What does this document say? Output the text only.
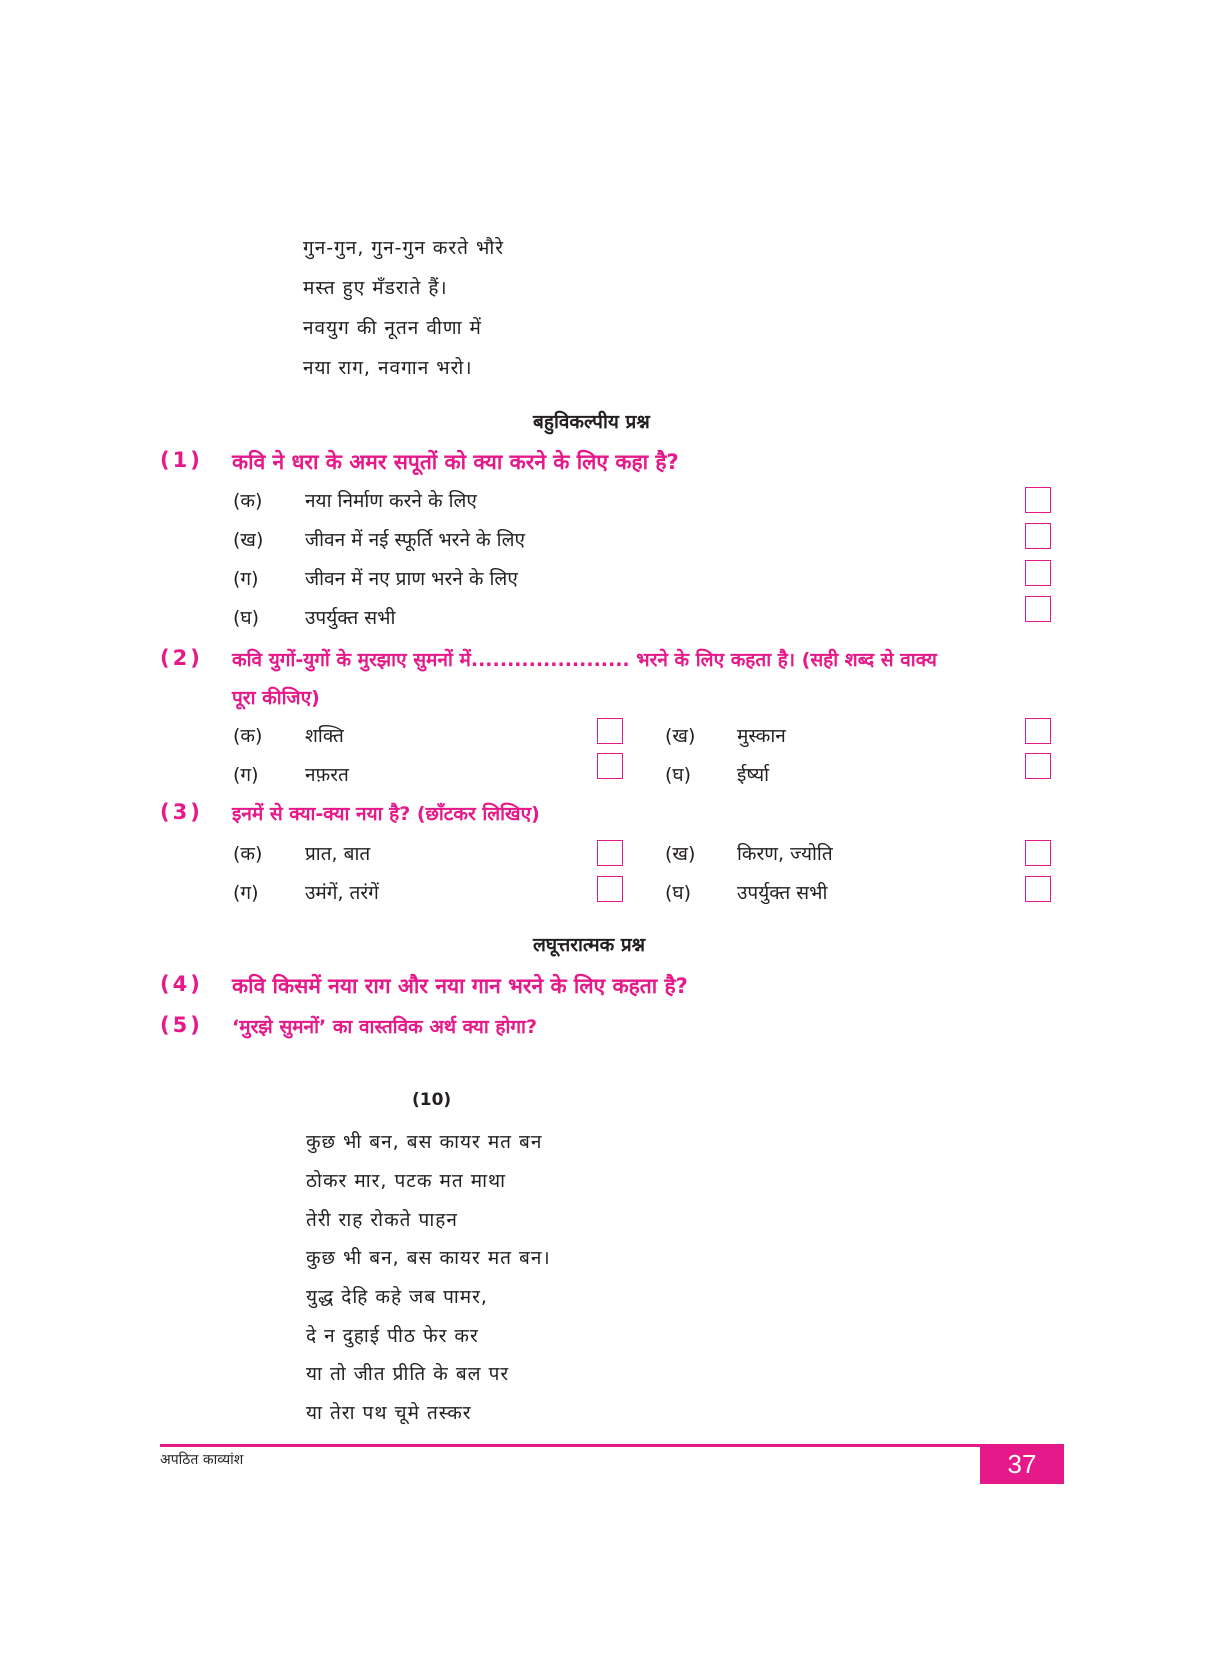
गुन-गुन, गुन-गुन करते भौरे
मस्त हुए मँडराते हैं।
नवयुग की नूतन वीणा में
नया राग, नवगान भरो।
बहुविकल्पीय प्रश्न
(1) कवि ने धरा के अमर सपूतों को क्या करने के लिए कहा है?
(क) नया निर्माण करने के लिए
(ख) जीवन में नई स्फूर्ति भरने के लिए
(ग) जीवन में नए प्राण भरने के लिए
(घ) उपर्युक्त सभी
(2) कवि युगों-युगों के मुरझाए सुमनों में...................... भरने के लिए कहता है। (सही शब्द से वाक्य
पूरा कीजिए)
(क) शक्ति	(ख) मुस्कान
(ग) नफ़रत	(घ) ईर्ष्या
(3) इनमें से क्या-क्या नया है? (छाँटकर लिखिए)
(क) प्रात, बात	(ख) किरण, ज्योति
(ग) उमंगें, तरंगें	(घ) उपर्युक्त सभी
लघूत्तरात्मक प्रश्न
(4) कवि किसमें नया राग और नया गान भरने के लिए कहता है?
(5) ‘मुरझे सुमनों’ का वास्तविक अर्थ क्या होगा?
(10)
कुछ भी बन, बस कायर मत बन
ठोकर मार, पटक मत माथा
तेरी राह रोकते पाहन
कुछ भी बन, बस कायर मत बन।
युद्ध देहि कहे जब पामर,
दे न दुहाई पीठ फेर कर
या तो जीत प्रीति के बल पर
या तेरा पथ चूमे तस्कर
अपठित काव्यांश	37
